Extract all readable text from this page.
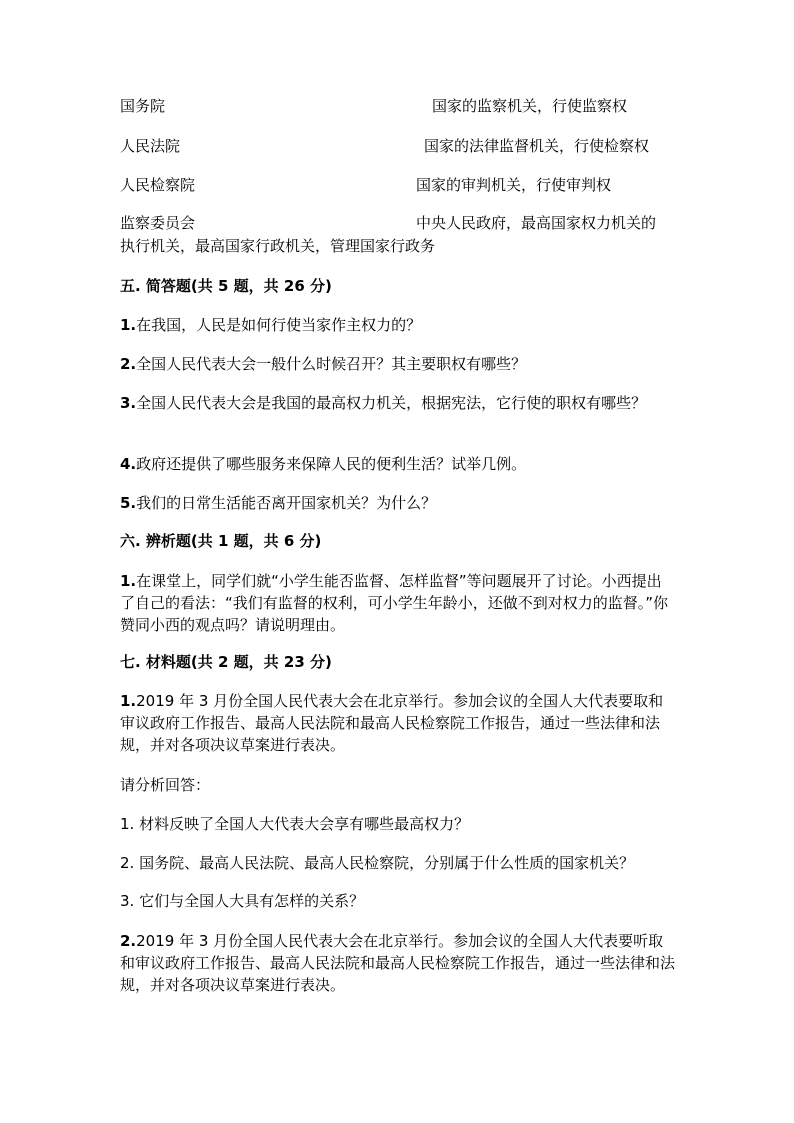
国务院	国家的监察机关，行使监察权
人民法院	国家的法律监督机关，行使检察权
人民检察院	国家的审判机关，行使审判权
监察委员会	中央人民政府，最高国家权力机关的
执行机关，最高国家行政机关，管理国家行政务
五. 简答题(共 5 题，共 26 分)
1.在我国，人民是如何行使当家作主权力的？
2.全国人民代表大会一般什么时候召开？其主要职权有哪些？
3.全国人民代表大会是我国的最高权力机关，根据宪法，它行使的职权有哪些？
4.政府还提供了哪些服务来保障人民的便利生活？试举几例。
5.我们的日常生活能否离开国家机关？为什么？
六. 辨析题(共 1 题，共 6 分)
1.在课堂上，同学们就“小学生能否监督、怎样监督”等问题展开了讨论。小西提出了自己的看法：“我们有监督的权利，可小学生年龄小，还做不到对权力的监督。”你赞同小西的观点吗？请说明理由。
七. 材料题(共 2 题，共 23 分)
1.2019 年 3 月份全国人民代表大会在北京举行。参加会议的全国人大代表要取和审议政府工作报告、最高人民法院和最高人民检察院工作报告，通过一些法律和法规，并对各项决议草案进行表决。
请分析回答：
1. 材料反映了全国人大代表大会享有哪些最高权力？
2. 国务院、最高人民法院、最高人民检察院，分别属于什么性质的国家机关？
3. 它们与全国人大具有怎样的关系？
2.2019 年 3 月份全国人民代表大会在北京举行。参加会议的全国人大代表要听取和审议政府工作报告、最高人民法院和最高人民检察院工作报告，通过一些法律和法规，并对各项决议草案进行表决。
